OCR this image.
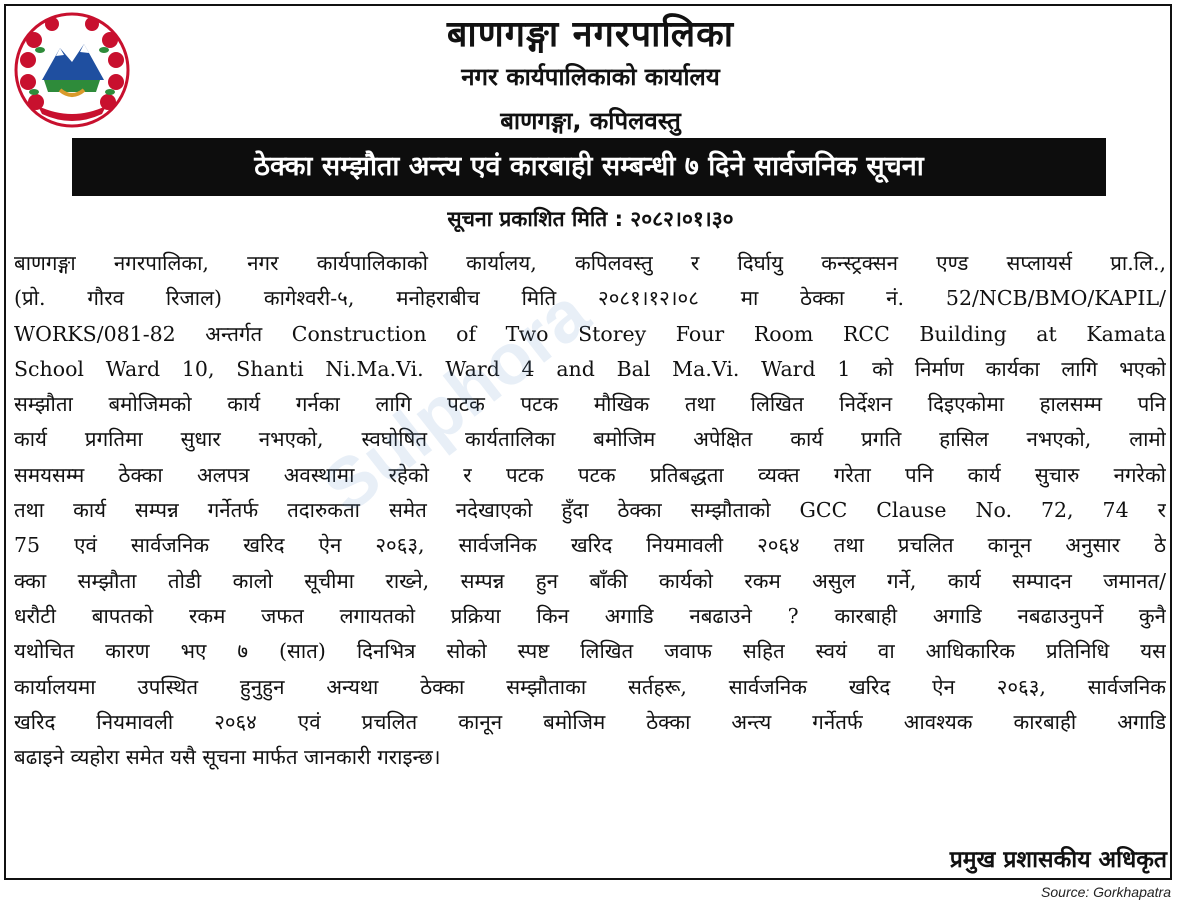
बाणगङ्गा नगरपालिका
नगर कार्यपालिकाको कार्यालय
बाणगङ्गा, कपिलवस्तु
ठेक्का सम्झौता अन्त्य एवं कारबाही सम्बन्धी ७ दिने सार्वजनिक सूचना
सूचना प्रकाशित मिति : २०८२।०१।३०
बाणगङ्गा नगरपालिका, नगर कार्यपालिकाको कार्यालय, कपिलवस्तु र दिर्घायु कन्स्ट्रक्सन एण्ड सप्लायर्स प्रा.लि.,
(प्रो. गौरव रिजाल) कागेश्वरी-५, मनोहराबीच मिति २०८१।१२।०८ मा ठेक्का नं. 52/NCB/BMO/KAPIL/
WORKS/081-82 अन्तर्गत Construction of Two Storey Four Room RCC Building at Kamata
School Ward 10, Shanti Ni.Ma.Vi. Ward 4 and Bal Ma.Vi. Ward 1 को निर्माण कार्यका लागि भएको
सम्झौता बमोजिमको कार्य गर्नका लागि पटक पटक मौखिक तथा लिखित निर्देशन दिइएकोमा हालसम्म पनि
कार्य प्रगतिमा सुधार नभएको, स्वघोषित कार्यतालिका बमोजिम अपेक्षित कार्य प्रगति हासिल नभएको, लामो
समयसम्म ठेक्का अलपत्र अवस्थामा रहेको र पटक पटक प्रतिबद्धता व्यक्त गरेता पनि कार्य सुचारु नगरेको
तथा कार्य सम्पन्न गर्नेतर्फ तदारुकता समेत नदेखाएको हुँदा ठेक्का सम्झौताको GCC Clause No. 72, 74 र
75 एवं सार्वजनिक खरिद ऐन २०६३, सार्वजनिक खरिद नियमावली २०६४ तथा प्रचलित कानून अनुसार ठे
क्का सम्झौता तोडी कालो सूचीमा राख्ने, सम्पन्न हुन बाँकी कार्यको रकम असुल गर्ने, कार्य सम्पादन जमानत/
धरौटी बापतको रकम जफत लगायतको प्रक्रिया किन अगाडि नबढाउने ? कारबाही अगाडि नबढाउनुपर्ने कुनै
यथोचित कारण भए ७ (सात) दिनभित्र सोको स्पष्ट लिखित जवाफ सहित स्वयं वा आधिकारिक प्रतिनिधि यस
कार्यालयमा उपस्थित हुनुहुन अन्यथा ठेक्का सम्झौताका सर्तहरू, सार्वजनिक खरिद ऐन २०६३, सार्वजनिक
खरिद नियमावली २०६४ एवं प्रचलित कानून बमोजिम ठेक्का अन्त्य गर्नेतर्फ आवश्यक कारबाही अगाडि
बढाइने व्यहोरा समेत यसै सूचना मार्फत जानकारी गराइन्छ।
Sulphora
प्रमुख प्रशासकीय अधिकृत
Source: Gorkhapatra
